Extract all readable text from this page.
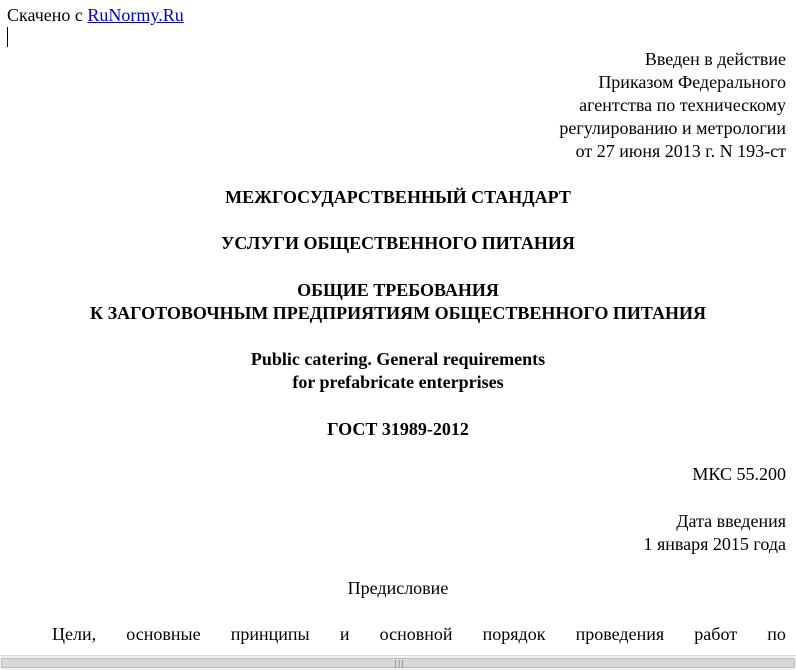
Скачено с RuNormy.Ru
Введен в действие
Приказом Федерального
агентства по техническому
регулированию и метрологии
от 27 июня 2013 г. N 193-ст
МЕЖГОСУДАРСТВЕННЫЙ СТАНДАРТ
УСЛУГИ ОБЩЕСТВЕННОГО ПИТАНИЯ
ОБЩИЕ ТРЕБОВАНИЯ
К ЗАГОТОВОЧНЫМ ПРЕДПРИЯТИЯМ ОБЩЕСТВЕННОГО ПИТАНИЯ
Public catering. General requirements
for prefabricate enterprises
ГОСТ 31989-2012
МКС 55.200
Дата введения
1 января 2015 года
Предисловие
Цели, основные принципы и основной порядок проведения работ по
|||
